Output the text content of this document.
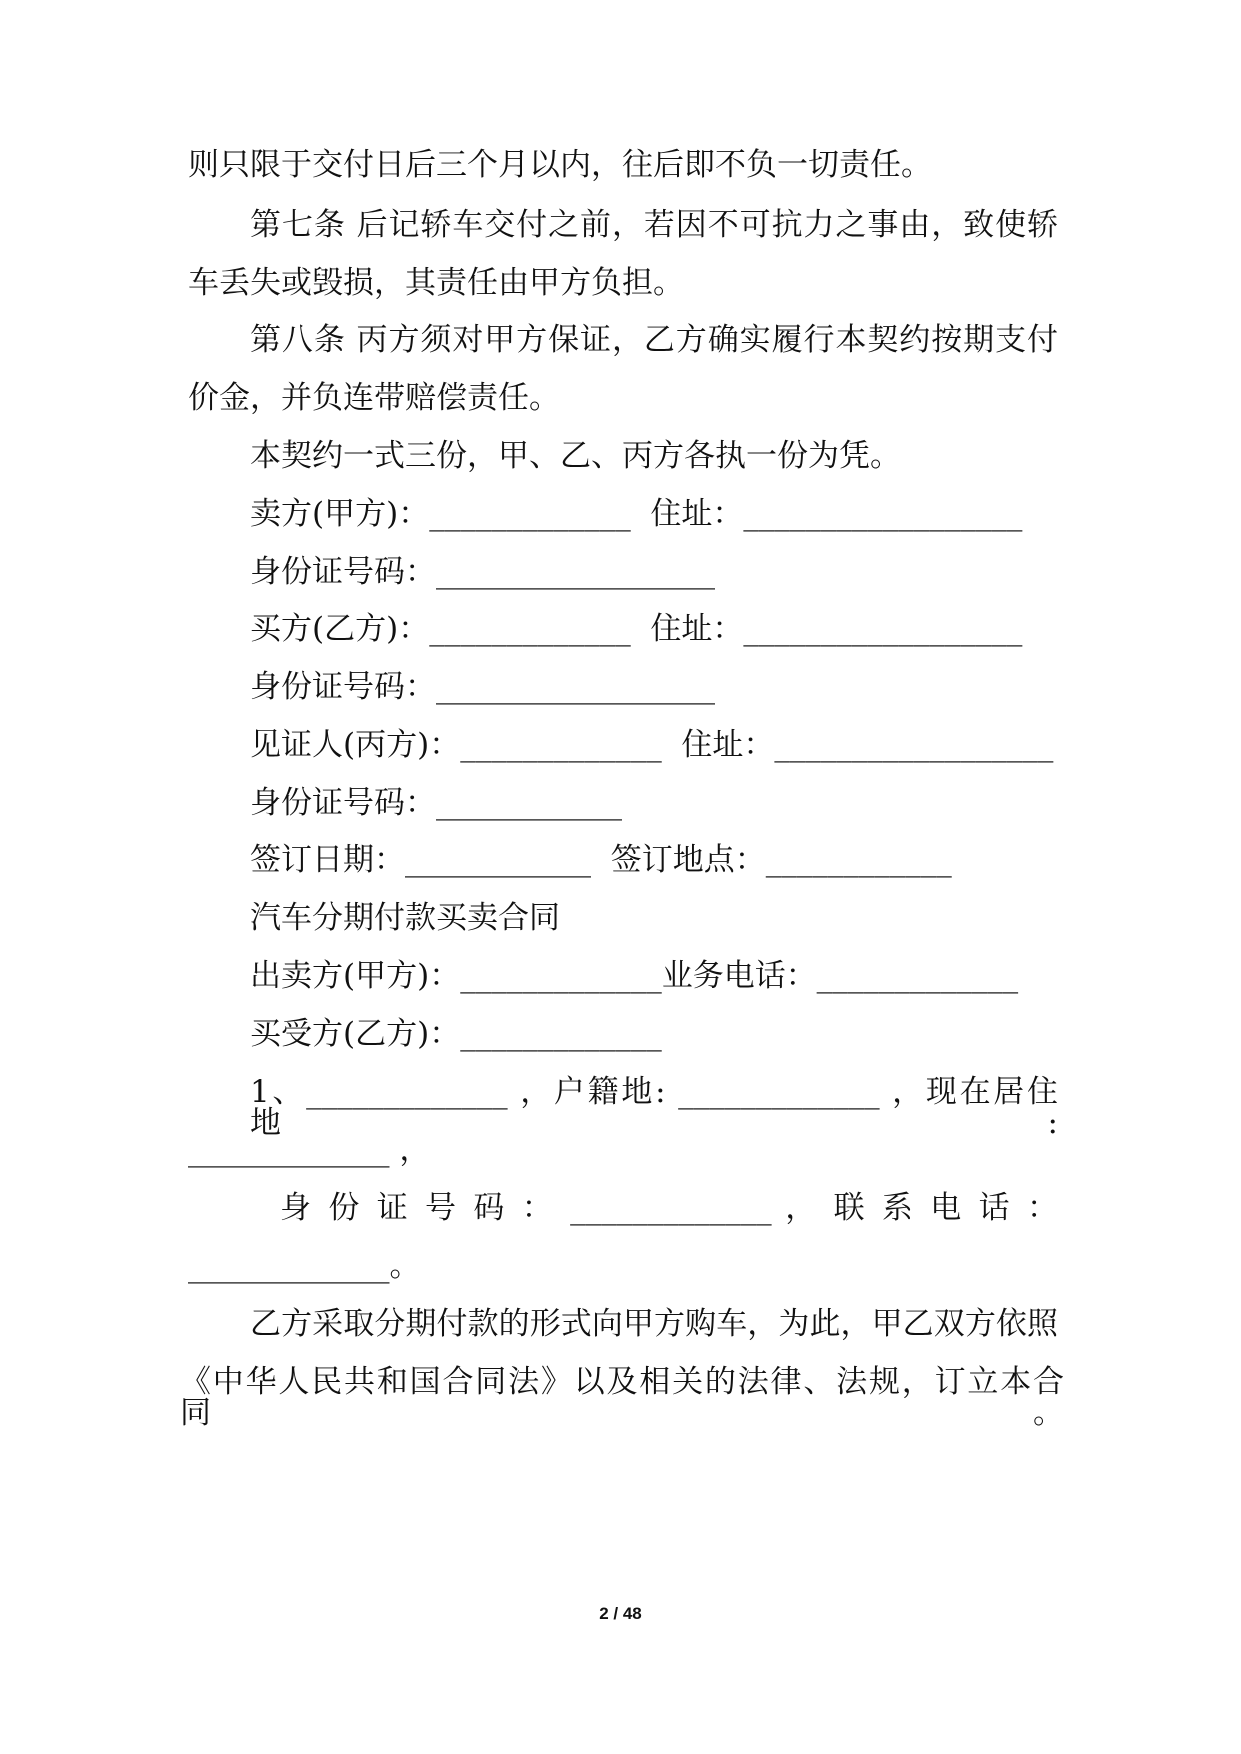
则只限于交付日后三个月以内，往后即不负一切责任。
第七条 后记轿车交付之前，若因不可抗力之事由，致使轿
车丢失或毁损，其责任由甲方负担。
第八条 丙方须对甲方保证，乙方确实履行本契约按期支付
价金，并负连带赔偿责任。
本契约一式三份，甲、乙、丙方各执一份为凭。
卖方(甲方)：_____________  住址：__________________
身份证号码：__________________
买方(乙方)：_____________  住址：__________________
身份证号码：__________________
见证人(丙方)：_____________  住址：__________________
身份证号码：____________
签订日期：____________  签订地点：____________
汽车分期付款买卖合同
出卖方(甲方)：_____________业务电话：_____________
买受方(乙方)：_____________
1、_____________ ，户籍地: _____________ ，现在居住地:
_____________ ，
身 份 证 号 码 ： _____________ ， 联 系 电 话 ：
_____________。
乙方采取分期付款的形式向甲方购车，为此，甲乙双方依照
《中华人民共和国合同法》以及相关的法律、法规，订立本合同。
2 / 48
